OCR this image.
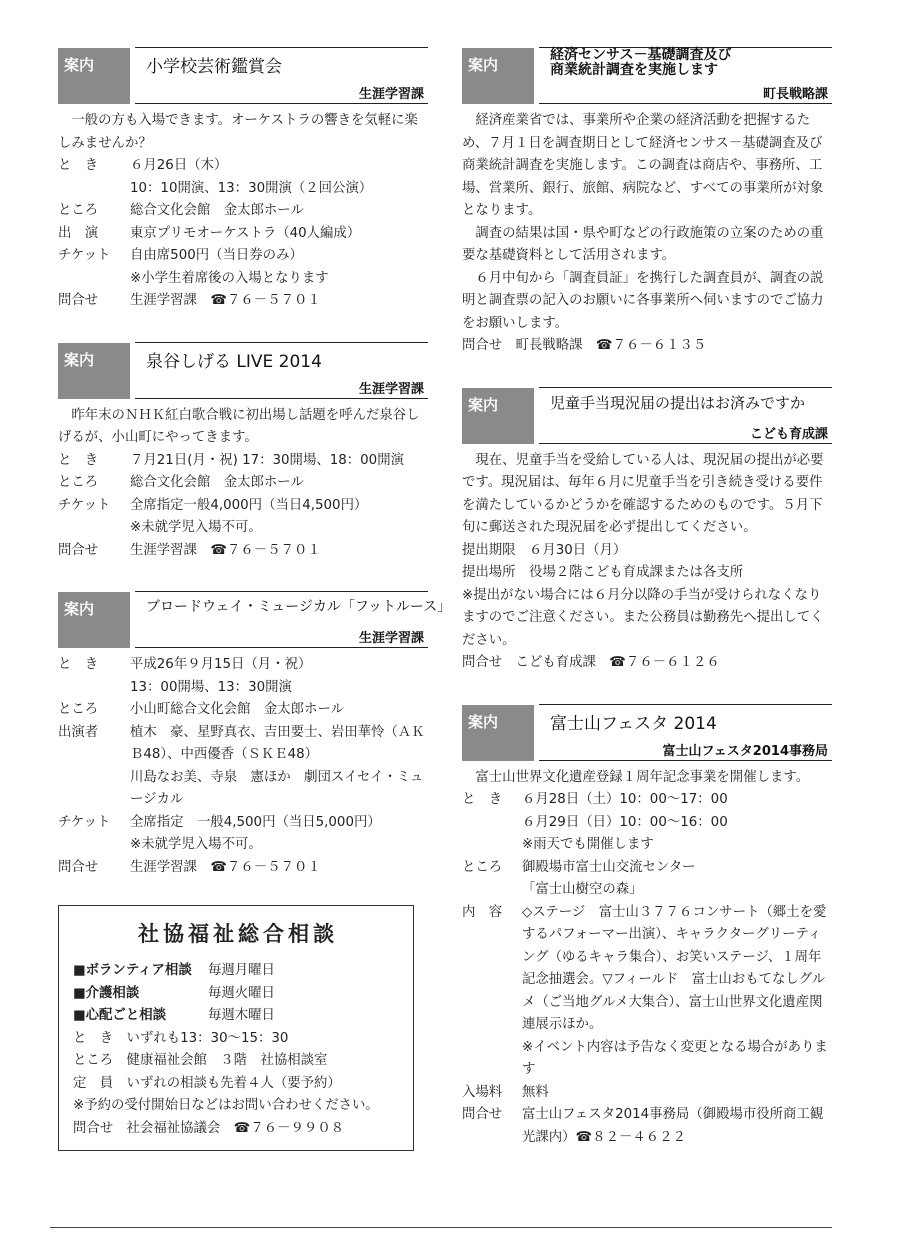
案内	小学校芸術鑑賞会
生涯学習課

一般の方も入場できます。オーケストラの響きを気軽に楽しみませんか？

と　き	６月26日（木）
10：10開演、13：30開演（２回公演）
ところ	総合文化会館　金太郎ホール
出　演	東京プリモオーケストラ（40人編成）
チケット	自由席500円（当日券のみ）
※小学生着席後の入場となります
問合せ	生涯学習課　☎７６－５７０１
案内	泉谷しげる LIVE 2014
生涯学習課

昨年末のＮＨＫ紅白歌合戦に初出場し話題を呼んだ泉谷しげるが、小山町にやってきます。

と　き	７月21日(月・祝) 17：30開場、18：00開演
ところ	総合文化会館　金太郎ホール
チケット	全席指定一般4,000円（当日4,500円）
※未就学児入場不可。
問合せ	生涯学習課　☎７６－５７０１
案内	ブロードウェイ・ミュージカル「フットルース」
生涯学習課
と　き	平成26年９月15日（月・祝）
13：00開場、13：30開演
ところ	小山町総合文化会館　金太郎ホール
出演者	植木　豪、星野真衣、吉田要士、岩田華怜（ＡＫＢ48）、中西優香（ＳＫＥ48）
川島なお美、寺泉　憲ほか　劇団スイセイ・ミュージカル
チケット	全席指定　一般4,500円（当日5,000円）
※未就学児入場不可。
問合せ	生涯学習課　☎７６－５７０１
社協福祉総合相談
■ボランティア相談	毎週月曜日
■介護相談	毎週火曜日
■心配ごと相談	毎週木曜日
と　き　いずれも13：30～15：30
ところ　健康福祉会館　３階　社協相談室
定　員　いずれの相談も先着４人（要予約）
※予約の受付開始日などはお問い合わせください。
問合せ　社会福祉協議会　☎７６－９９０８
案内
経済センサス－基礎調査及び
商業統計調査を実施します
町長戦略課

経済産業省では、事業所や企業の経済活動を把握するため、７月１日を調査期日として経済センサス－基礎調査及び商業統計調査を実施します。この調査は商店や、事務所、工場、営業所、銀行、旅館、病院など、すべての事業所が対象となります。

調査の結果は国・県や町などの行政施策の立案のための重要な基礎資料として活用されます。

６月中旬から「調査員証」を携行した調査員が、調査の説明と調査票の記入のお願いに各事業所へ伺いますのでご協力をお願いします。

問合せ　町長戦略課　☎７６－６１３５
案内	児童手当現況届の提出はお済みですか
こども育成課

現在、児童手当を受給している人は、現況届の提出が必要です。現況届は、毎年６月に児童手当を引き続き受ける要件を満たしているかどうかを確認するためのものです。５月下旬に郵送された現況届を必ず提出してください。

提出期限　６月30日（月）
提出場所　役場２階こども育成課または各支所
※提出がない場合には６月分以降の手当が受けられなくなりますのでご注意ください。また公務員は勤務先へ提出してください。
問合せ　こども育成課　☎７６－６１２６
案内	富士山フェスタ 2014
富士山フェスタ2014事務局

富士山世界文化遺産登録１周年記念事業を開催します。

と　き	６月28日（土）10：00～17：00
６月29日（日）10：00～16：00
※雨天でも開催します
ところ	御殿場市富士山交流センター
「富士山樹空の森」
内　容	◇ステージ　富士山３７７６コンサート（郷土を愛するパフォーマー出演）、キャラクターグリーティング（ゆるキャラ集合）、お笑いステージ、１周年記念抽選会。▽フィールド　富士山おもてなしグルメ（ご当地グルメ大集合）、富士山世界文化遺産関連展示ほか。
※イベント内容は予告なく変更となる場合があります
入場料	無料
問合せ	富士山フェスタ2014事務局（御殿場市役所商工観光課内）☎８２－４６２２
